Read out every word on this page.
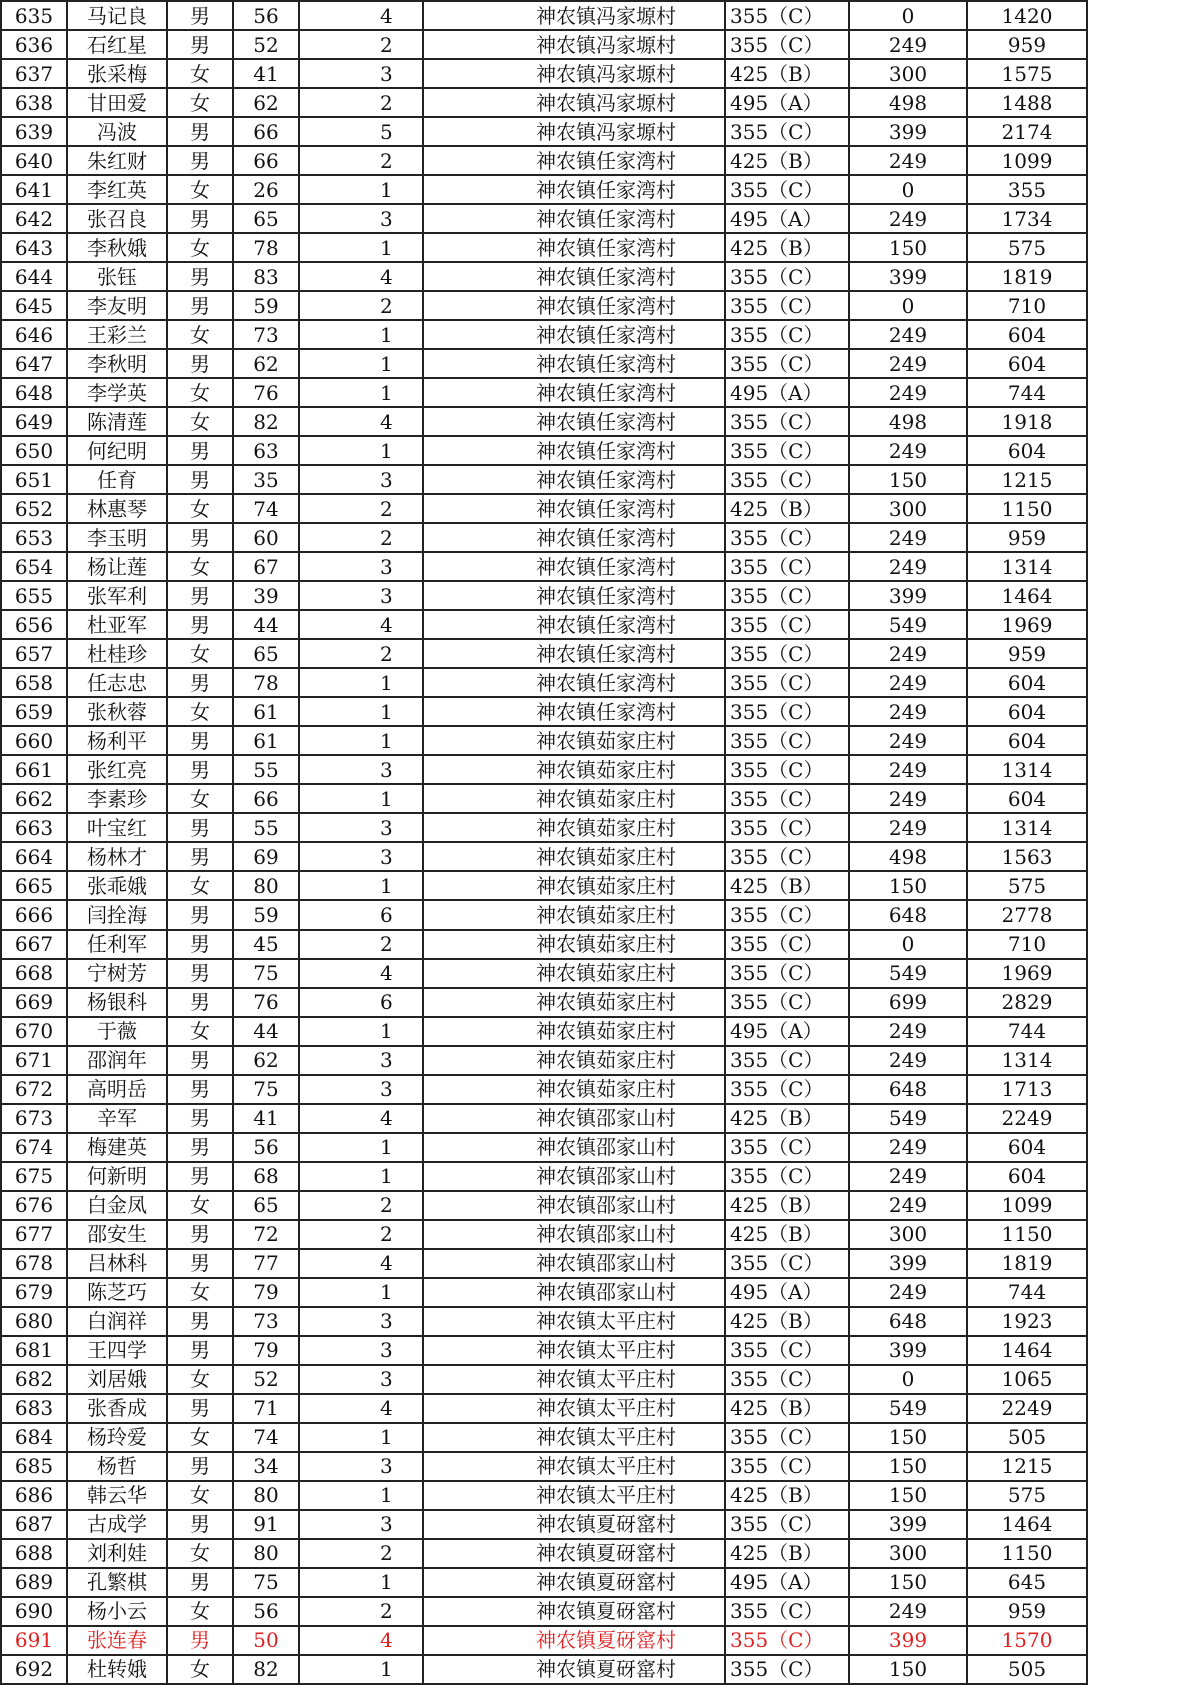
635	马记良	男	56	4	神农镇冯家塬村	355（C）	0	1420
636	石红星	男	52	2	神农镇冯家塬村	355（C）	249	959
637	张采梅	女	41	3	神农镇冯家塬村	425（B）	300	1575
638	甘田爱	女	62	2	神农镇冯家塬村	495（A）	498	1488
639	冯波	男	66	5	神农镇冯家塬村	355（C）	399	2174
640	朱红财	男	66	2	神农镇任家湾村	425（B）	249	1099
641	李红英	女	26	1	神农镇任家湾村	355（C）	0	355
642	张召良	男	65	3	神农镇任家湾村	495（A）	249	1734
643	李秋娥	女	78	1	神农镇任家湾村	425（B）	150	575
644	张钰	男	83	4	神农镇任家湾村	355（C）	399	1819
645	李友明	男	59	2	神农镇任家湾村	355（C）	0	710
646	王彩兰	女	73	1	神农镇任家湾村	355（C）	249	604
647	李秋明	男	62	1	神农镇任家湾村	355（C）	249	604
648	李学英	女	76	1	神农镇任家湾村	495（A）	249	744
649	陈清莲	女	82	4	神农镇任家湾村	355（C）	498	1918
650	何纪明	男	63	1	神农镇任家湾村	355（C）	249	604
651	任育	男	35	3	神农镇任家湾村	355（C）	150	1215
652	林惠琴	女	74	2	神农镇任家湾村	425（B）	300	1150
653	李玉明	男	60	2	神农镇任家湾村	355（C）	249	959
654	杨让莲	女	67	3	神农镇任家湾村	355（C）	249	1314
655	张军利	男	39	3	神农镇任家湾村	355（C）	399	1464
656	杜亚军	男	44	4	神农镇任家湾村	355（C）	549	1969
657	杜桂珍	女	65	2	神农镇任家湾村	355（C）	249	959
658	任志忠	男	78	1	神农镇任家湾村	355（C）	249	604
659	张秋蓉	女	61	1	神农镇任家湾村	355（C）	249	604
660	杨利平	男	61	1	神农镇茹家庄村	355（C）	249	604
661	张红亮	男	55	3	神农镇茹家庄村	355（C）	249	1314
662	李素珍	女	66	1	神农镇茹家庄村	355（C）	249	604
663	叶宝红	男	55	3	神农镇茹家庄村	355（C）	249	1314
664	杨林才	男	69	3	神农镇茹家庄村	355（C）	498	1563
665	张乖娥	女	80	1	神农镇茹家庄村	425（B）	150	575
666	闫拴海	男	59	6	神农镇茹家庄村	355（C）	648	2778
667	任利军	男	45	2	神农镇茹家庄村	355（C）	0	710
668	宁树芳	男	75	4	神农镇茹家庄村	355（C）	549	1969
669	杨银科	男	76	6	神农镇茹家庄村	355（C）	699	2829
670	于薇	女	44	1	神农镇茹家庄村	495（A）	249	744
671	邵润年	男	62	3	神农镇茹家庄村	355（C）	249	1314
672	高明岳	男	75	3	神农镇茹家庄村	355（C）	648	1713
673	辛军	男	41	4	神农镇邵家山村	425（B）	549	2249
674	梅建英	男	56	1	神农镇邵家山村	355（C）	249	604
675	何新明	男	68	1	神农镇邵家山村	355（C）	249	604
676	白金凤	女	65	2	神农镇邵家山村	425（B）	249	1099
677	邵安生	男	72	2	神农镇邵家山村	425（B）	300	1150
678	吕林科	男	77	4	神农镇邵家山村	355（C）	399	1819
679	陈芝巧	女	79	1	神农镇邵家山村	495（A）	249	744
680	白润祥	男	73	3	神农镇太平庄村	425（B）	648	1923
681	王四学	男	79	3	神农镇太平庄村	355（C）	399	1464
682	刘居娥	女	52	3	神农镇太平庄村	355（C）	0	1065
683	张香成	男	71	4	神农镇太平庄村	425（B）	549	2249
684	杨玲爱	女	74	1	神农镇太平庄村	355（C）	150	505
685	杨哲	男	34	3	神农镇太平庄村	355（C）	150	1215
686	韩云华	女	80	1	神农镇太平庄村	425（B）	150	575
687	古成学	男	91	3	神农镇夏砑窰村	355（C）	399	1464
688	刘利娃	女	80	2	神农镇夏砑窰村	425（B）	300	1150
689	孔繁棋	男	75	1	神农镇夏砑窰村	495（A）	150	645
690	杨小云	女	56	2	神农镇夏砑窰村	355（C）	249	959
691	张连春	男	50	4	神农镇夏砑窰村	355（C）	399	1570
692	杜转娥	女	82	1	神农镇夏砑窰村	355（C）	150	505
